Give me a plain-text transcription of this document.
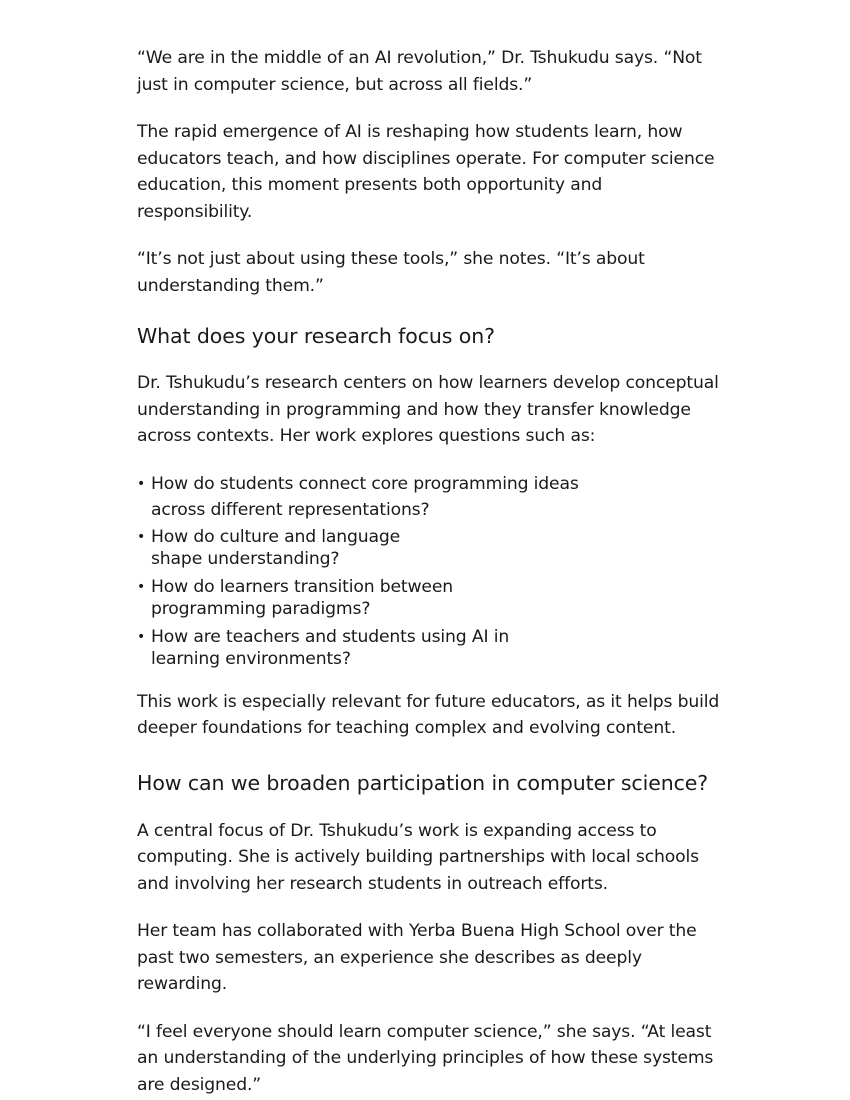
“We are in the middle of an AI revolution,” Dr. Tshukudu says. “Not just in computer science, but across all fields.”

The rapid emergence of AI is reshaping how students learn, how educators teach, and how disciplines operate. For computer science education, this moment presents both opportunity and responsibility.

“It’s not just about using these tools,” she notes. “It’s about understanding them.”

What does your research focus on?

Dr. Tshukudu’s research centers on how learners develop conceptual understanding in programming and how they transfer knowledge across contexts. Her work explores questions such as:

• How do students connect core programming ideas across different representations?
• How do culture and language shape understanding?
• How do learners transition between programming paradigms?
• How are teachers and students using AI in learning environments?

This work is especially relevant for future educators, as it helps build deeper foundations for teaching complex and evolving content.

How can we broaden participation in computer science?

A central focus of Dr. Tshukudu’s work is expanding access to computing. She is actively building partnerships with local schools and involving her research students in outreach efforts.

Her team has collaborated with Yerba Buena High School over the past two semesters, an experience she describes as deeply rewarding.

“I feel everyone should learn computer science,” she says. “At least an understanding of the underlying principles of how these systems are designed.”
